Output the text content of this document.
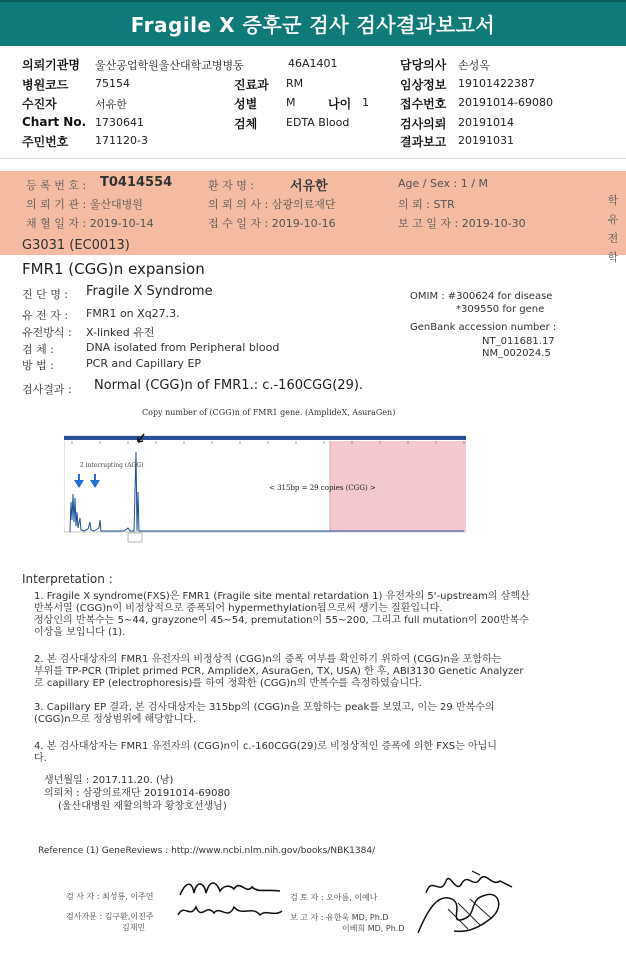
Fragile X 증후군 검사 검사결과보고서
의뢰기관명 울산공업학원울산대학교병병동	46A1401	담당의사 손성옥
병원코드 75154	진료과 RM	임상정보 19101422387
수진자	서유한	성별	M	나이 1	접수번호 20191014-69080
Chart No. 1730641	검체	EDTA Blood	검사의뢰 20191014
주민번호 171120-3	결과보고 20191031
등 록 번 호 : T0414554	환 자 명 :	서유한	Age / Sex : 1 / M
의 뢰 기 관 : 울산대병원	의 뢰 의 사 : 삼광의료재단	의 뢰 : STR
채 혈 일 자 : 2019-10-14	접 수 일 자 : 2019-10-16	보 고 일 자 : 2019-10-30
학
유
전
학
G3031 (EC0013)
FMR1 (CGG)n expansion
진 단 명 : Fragile X Syndrome
유 전 자 : FMR1 on Xq27.3.
유전방식 : X-linked 유전
검 체 :	DNA isolated from Peripheral blood
방 법 :	PCR and Capillary EP
OMIM : #300624 for disease
*309550 for gene
GenBank accession number :
NT_011681.17
NM_002024.5
검사결과 : Normal (CGG)n of FMR1.: c.-160CGG(29).
Copy number of (CGG)n of FMR1 gene. (AmplideX, AsuraGen)
2 interrupting (AGG)
< 315bp = 29 copies (CGG) >
Interpretation :
1. Fragile X syndrome(FXS)은 FMR1 (Fragile site mental retardation 1) 유전자의 5'-upstream의 삼핵산
반복서열 (CGG)n이 비정상적으로 증폭되어 hypermethylation됨으로써 생기는 질환입니다.
정상인의 반복수는 5~44, grayzone이 45~54, premutation이 55~200, 그리고 full mutation이 200반복수
이상을 보입니다 (1).
2. 본 검사대상자의 FMR1 유전자의 비정상적 (CGG)n의 증폭 여부를 확인하기 위하여 (CGG)n을 포함하는
부위를 TP-PCR (Triplet primed PCR, AmplideX, AsuraGen, TX, USA) 한 후, ABI3130 Genetic Analyzer
로 capillary EP (electrophoresis)를 하여 정확한 (CGG)n의 반복수를 측정하였습니다.
3. Capillary EP 결과, 본 검사대상자는 315bp의 (CGG)n을 포함하는 peak를 보였고, 이는 29 반복수의
(CGG)n으로 정상범위에 해당합니다.
4. 본 검사대상자는 FMR1 유전자의 (CGG)n이 c.-160CGG(29)로 비정상적인 증폭에 의한 FXS는 아닙니
다.
생년월일 : 2017.11.20. (남)
의뢰처 : 삼광의료재단 20191014-69080
(울산대병원 재활의학과 황창호선생님)
Reference (1) GeneReviews : http://www.ncbi.nlm.nih.gov/books/NBK1384/
검 사 자 : 최성룡, 이주연	검 토 자 : 오아름, 이예나
검사자문 : 김구환,이진주
김재민
보 고 자 : 유한욱 MD, Ph.D
이베희 MD, Ph.D
